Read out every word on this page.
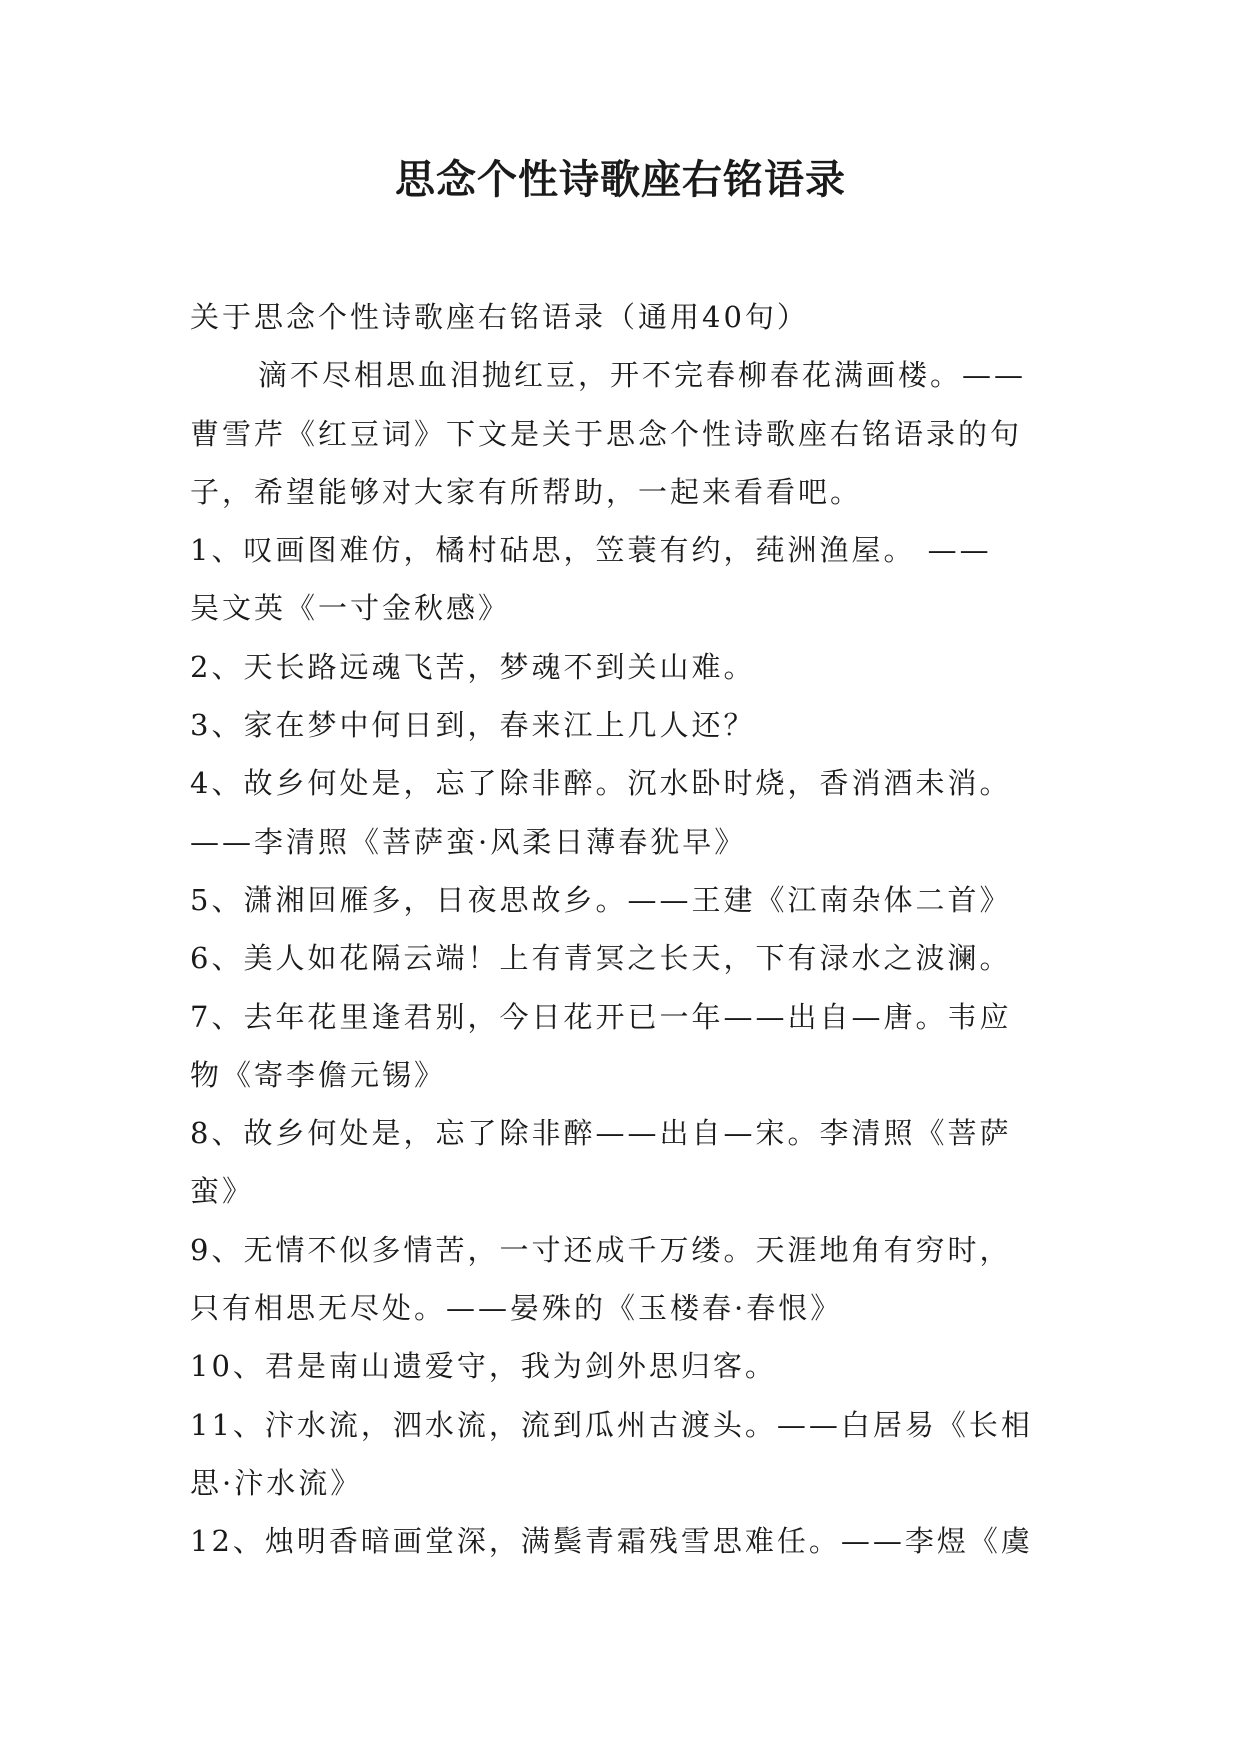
思念个性诗歌座右铭语录
关于思念个性诗歌座右铭语录（通用40句）
滴不尽相思血泪抛红豆，开不完春柳春花满画楼。——
曹雪芹《红豆词》下文是关于思念个性诗歌座右铭语录的句
子，希望能够对大家有所帮助，一起来看看吧。
1、叹画图难仿，橘村砧思，笠蓑有约，莼洲渔屋。 ——
吴文英《一寸金秋感》
2、天长路远魂飞苦，梦魂不到关山难。
3、家在梦中何日到，春来江上几人还？
4、故乡何处是，忘了除非醉。沉水卧时烧，香消酒未消。
——李清照《菩萨蛮·风柔日薄春犹早》
5、潇湘回雁多，日夜思故乡。——王建《江南杂体二首》
6、美人如花隔云端！上有青冥之长天，下有渌水之波澜。
7、去年花里逢君别，今日花开已一年——出自—唐。韦应
物《寄李儋元锡》
8、故乡何处是，忘了除非醉——出自—宋。李清照《菩萨
蛮》
9、无情不似多情苦，一寸还成千万缕。天涯地角有穷时，
只有相思无尽处。——晏殊的《玉楼春·春恨》
10、君是南山遗爱守，我为剑外思归客。
11、汴水流，泗水流，流到瓜州古渡头。——白居易《长相
思·汴水流》
12、烛明香暗画堂深，满鬓青霜残雪思难任。——李煜《虞
